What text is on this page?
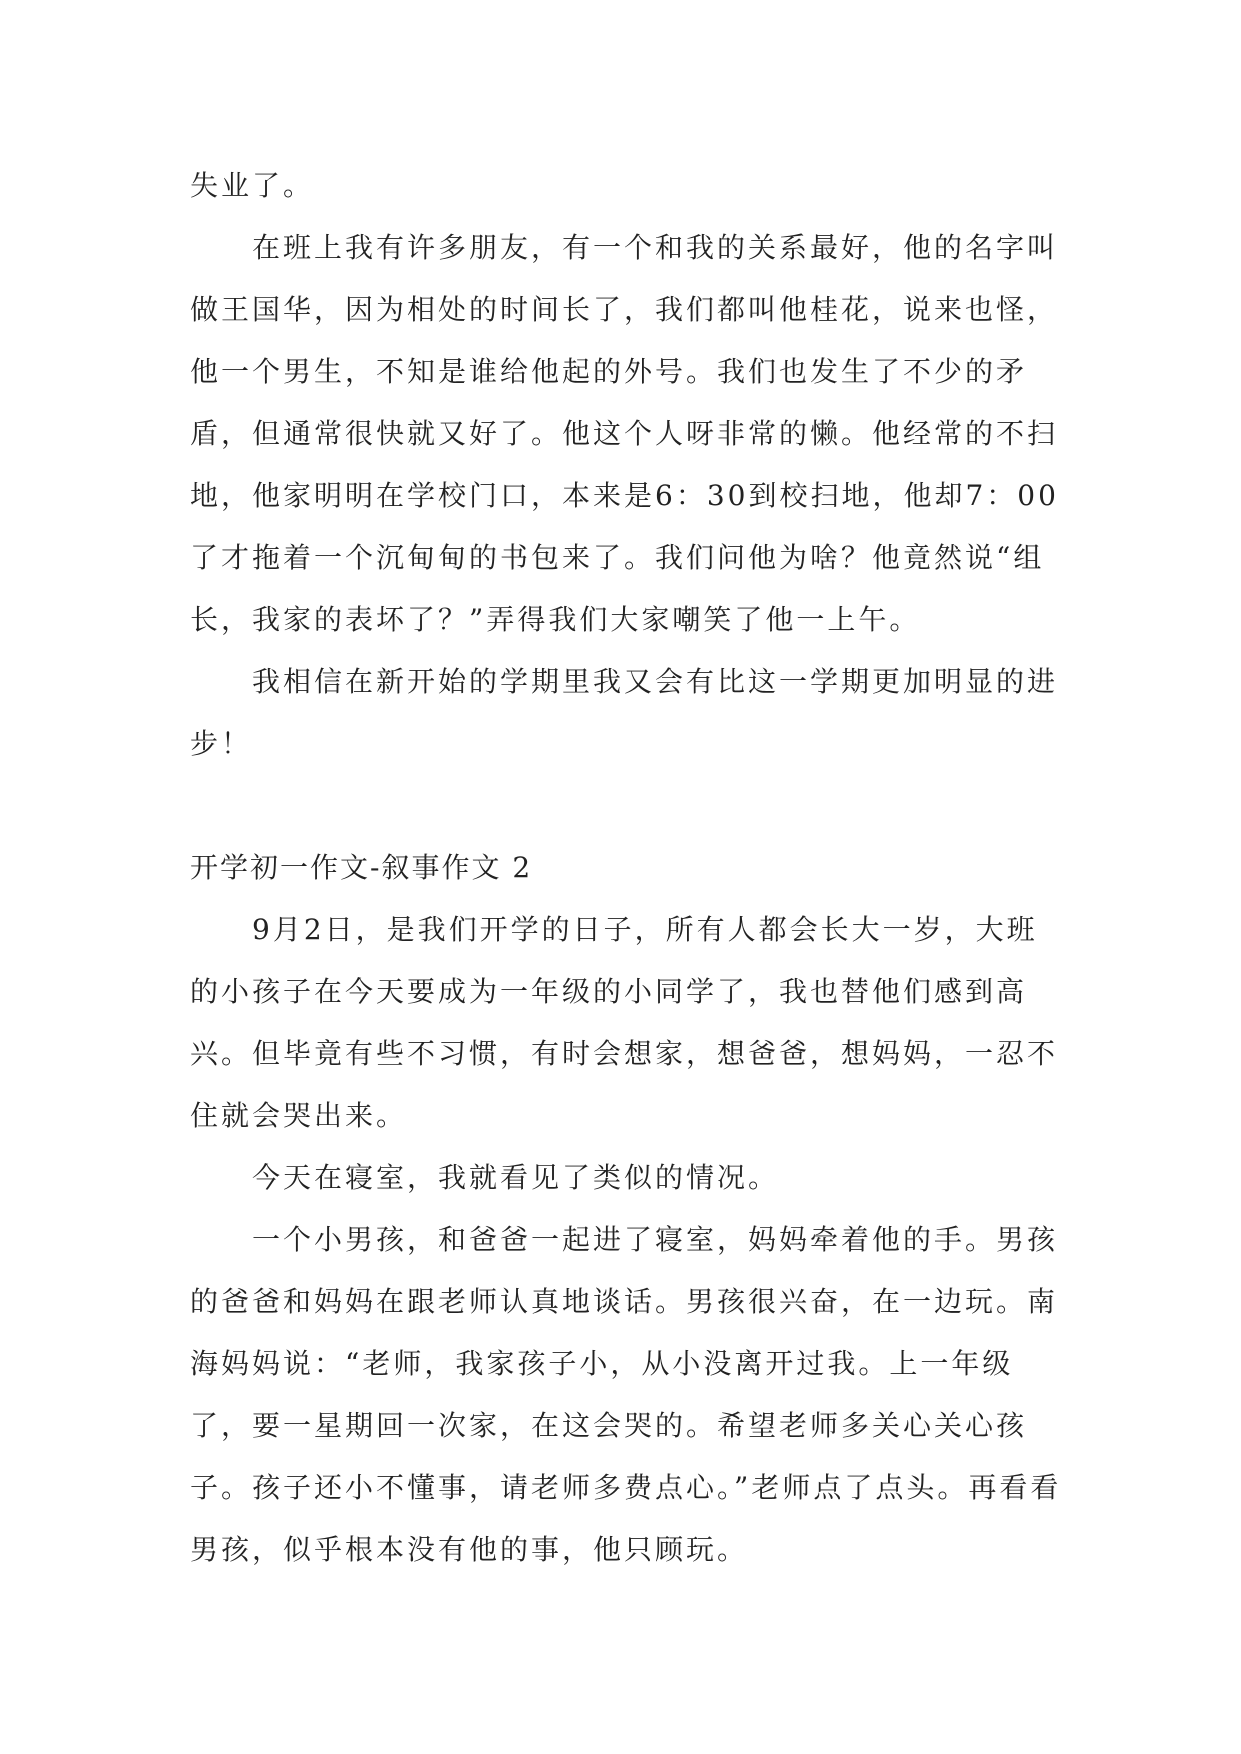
失业了。

在班上我有许多朋友，有一个和我的关系最好，他的名字叫做王国华，因为相处的时间长了，我们都叫他桂花，说来也怪，他一个男生，不知是谁给他起的外号。我们也发生了不少的矛盾，但通常很快就又好了。他这个人呀非常的懒。他经常的不扫地，他家明明在学校门口，本来是6：30到校扫地，他却7：00了才拖着一个沉甸甸的书包来了。我们问他为啥？他竟然说“组长，我家的表坏了？”弄得我们大家嘲笑了他一上午。

我相信在新开始的学期里我又会有比这一学期更加明显的进步！

开学初一作文-叙事作文 2

9月2日，是我们开学的日子，所有人都会长大一岁，大班的小孩子在今天要成为一年级的小同学了，我也替他们感到高兴。但毕竟有些不习惯，有时会想家，想爸爸，想妈妈，一忍不住就会哭出来。

今天在寝室，我就看见了类似的情况。

一个小男孩，和爸爸一起进了寝室，妈妈牵着他的手。男孩的爸爸和妈妈在跟老师认真地谈话。男孩很兴奋，在一边玩。南海妈妈说：“老师，我家孩子小，从小没离开过我。上一年级了，要一星期回一次家，在这会哭的。希望老师多关心关心孩子。孩子还小不懂事，请老师多费点心。”老师点了点头。再看看男孩，似乎根本没有他的事，他只顾玩。
